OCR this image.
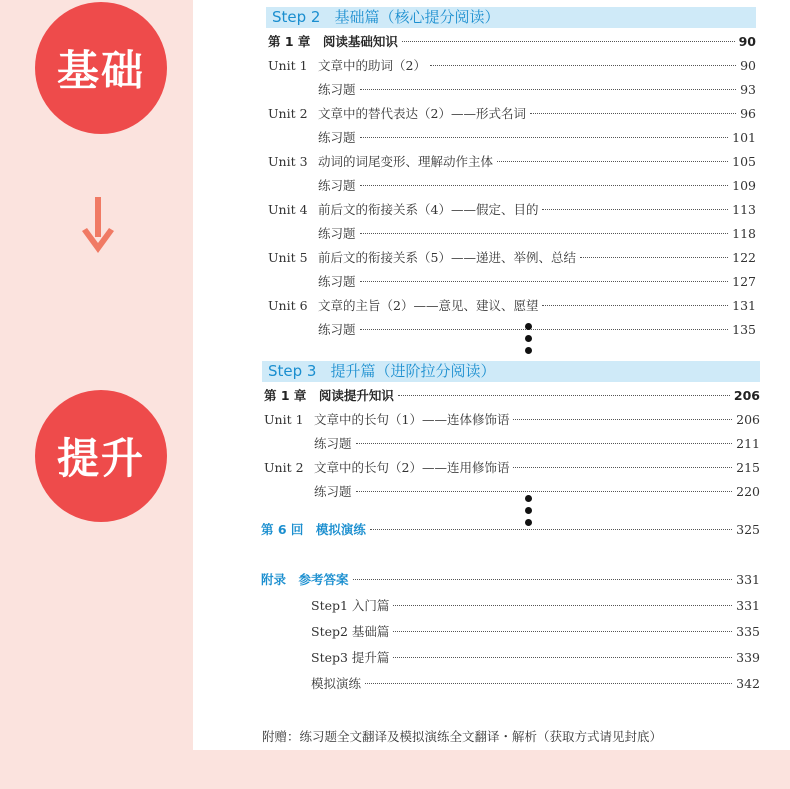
基础
提升
Step 2 基础篇（核心提分阅读）
第 1 章　阅读基础知识	90
Unit 1 文章中的助词（2）	90
练习题	93
Unit 2 文章中的替代表达（2）——形式名词	96
练习题	101
Unit 3 动词的词尾变形、理解动作主体	105
练习题	109
Unit 4 前后文的衔接关系（4）——假定、目的	113
练习题	118
Unit 5 前后文的衔接关系（5）——递进、举例、总结	122
练习题	127
Unit 6 文章的主旨（2）——意见、建议、愿望	131
练习题	135
Step 3 提升篇（进阶拉分阅读）
第 1 章　阅读提升知识	206
Unit 1 文章中的长句（1）——连体修饰语	206
练习题	211
Unit 2 文章中的长句（2）——连用修饰语	215
练习题	220
第 6 回　模拟演练	325
附录　参考答案	331
Step1 入门篇	331
Step2 基础篇	335
Step3 提升篇	339
模拟演练	342
附赠：练习题全文翻译及模拟演练全文翻译・解析（获取方式请见封底）
